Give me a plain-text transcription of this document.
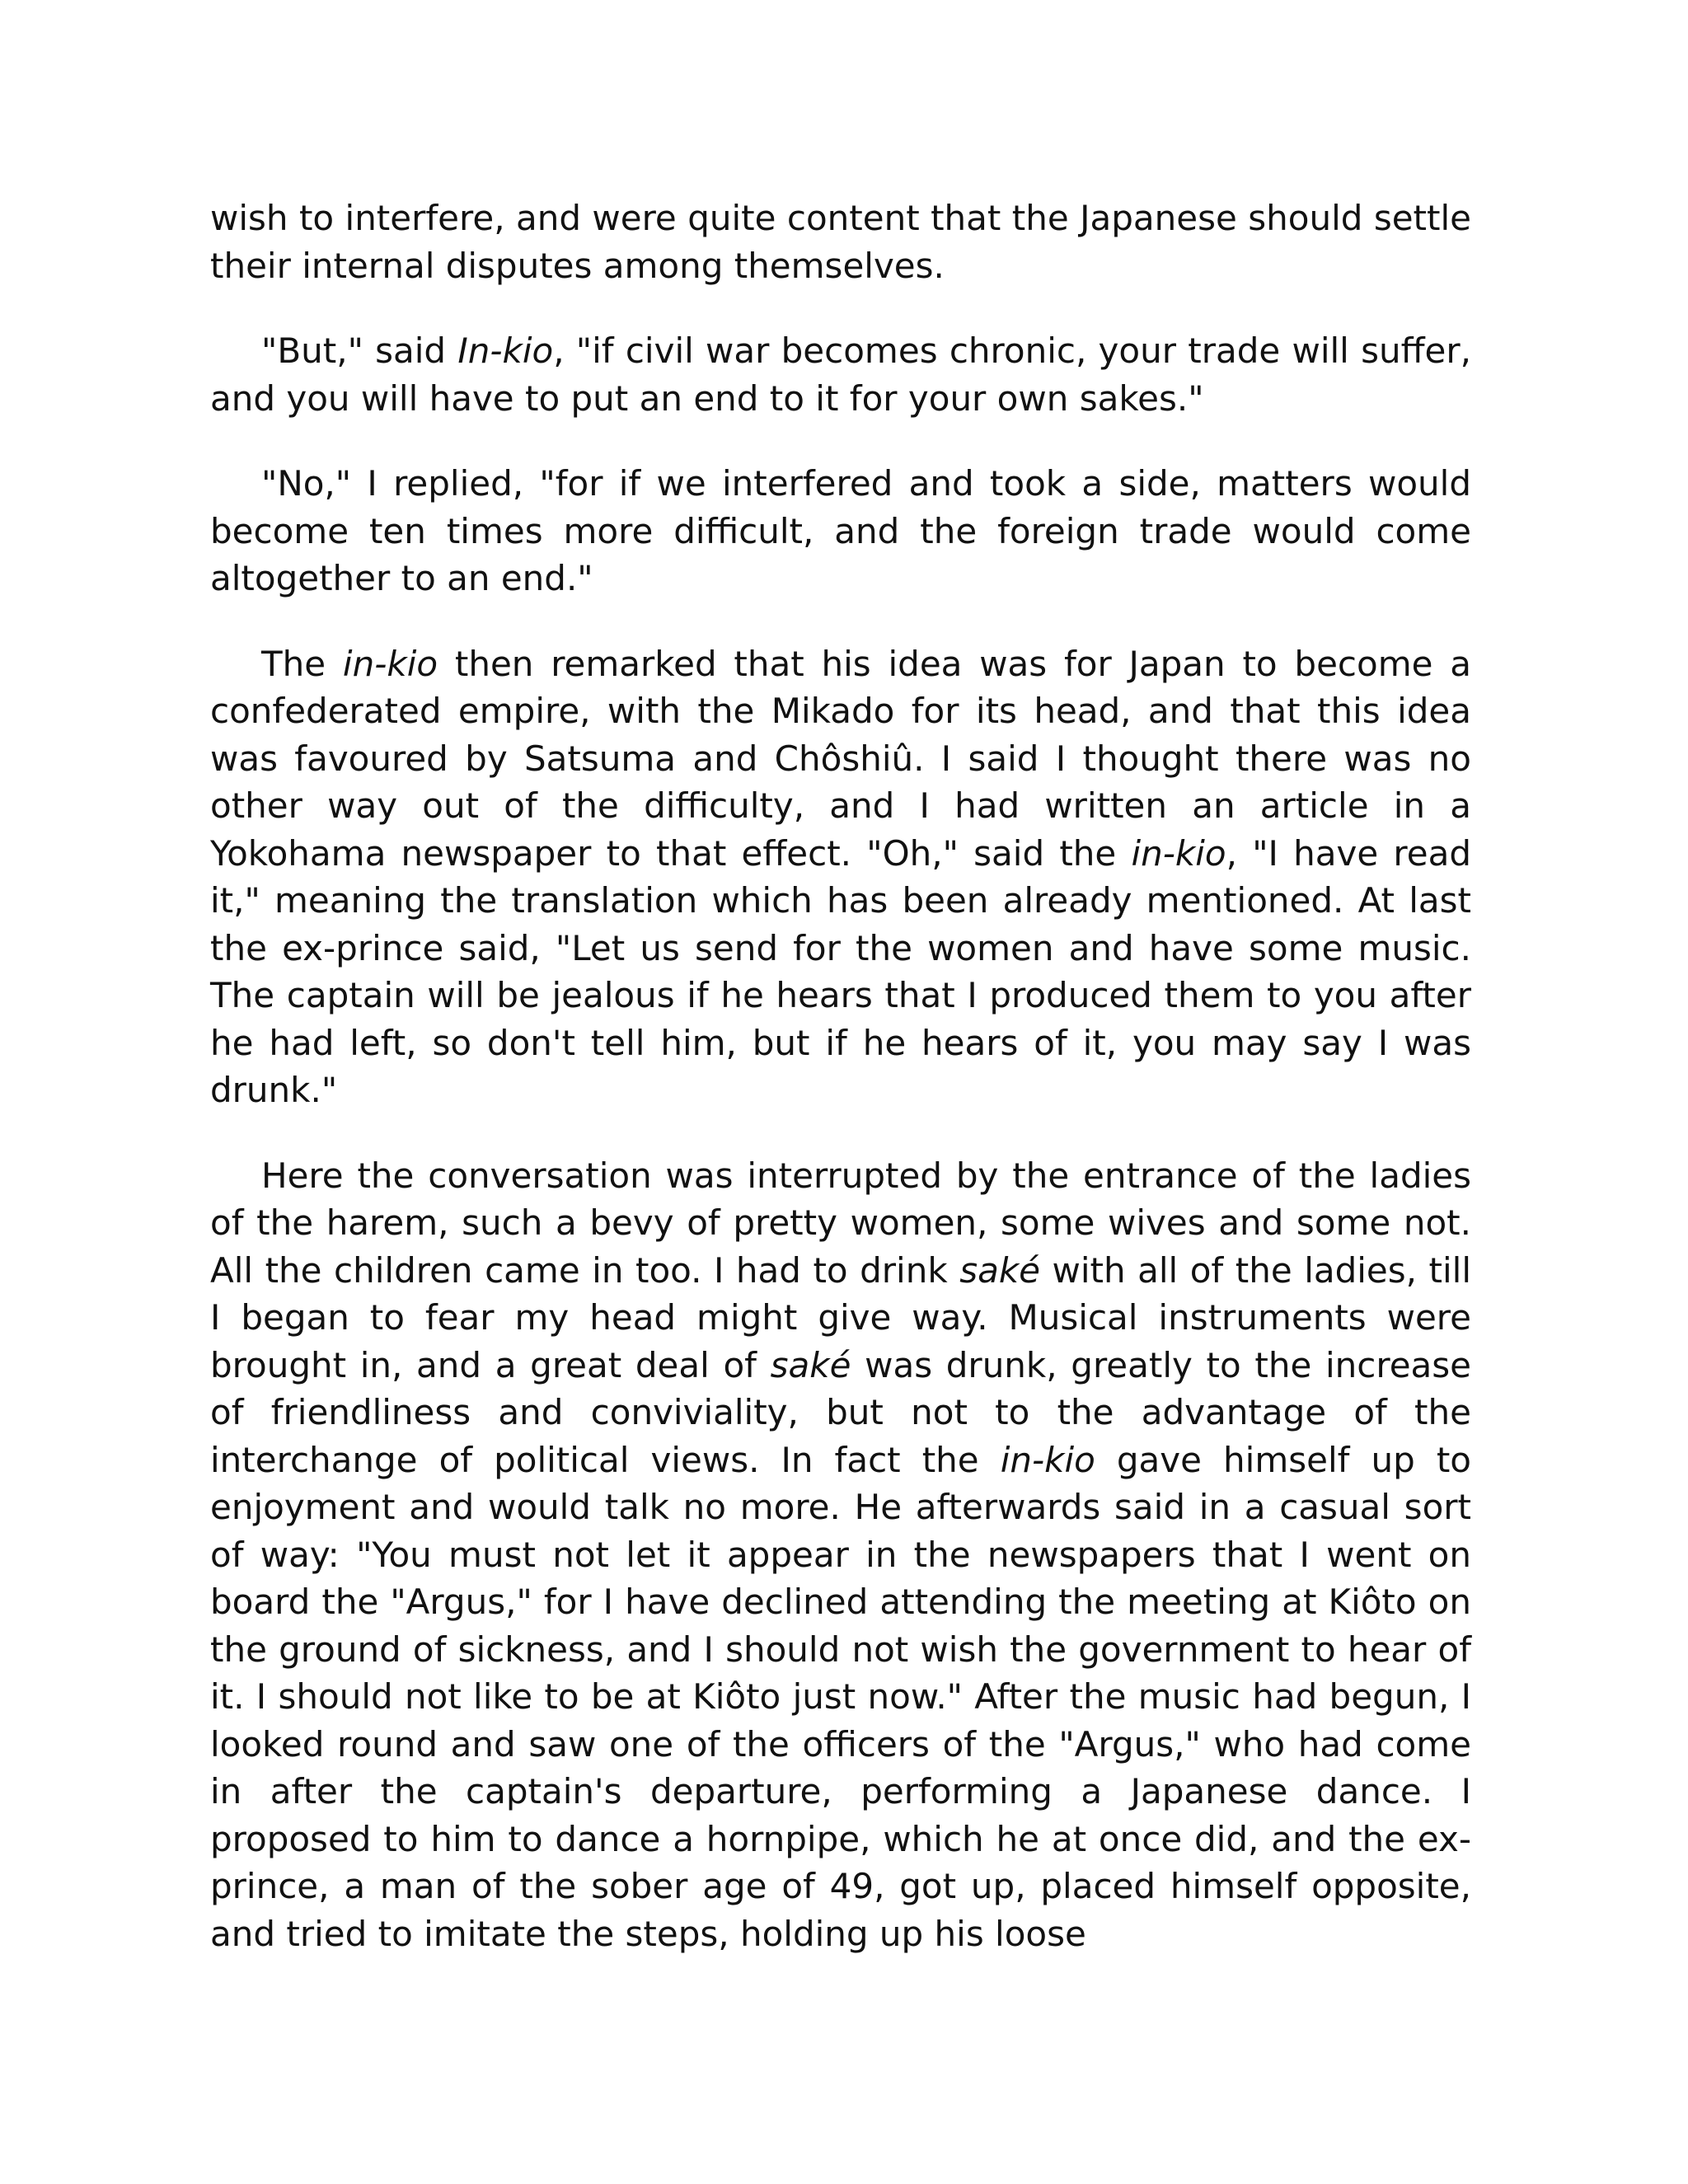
wish to interfere, and were quite content that the Japanese should settle their internal disputes among themselves.

"But," said In-kio, "if civil war becomes chronic, your trade will suffer, and you will have to put an end to it for your own sakes."

"No," I replied, "for if we interfered and took a side, matters would become ten times more difficult, and the foreign trade would come altogether to an end."

The in-kio then remarked that his idea was for Japan to become a confederated empire, with the Mikado for its head, and that this idea was favoured by Satsuma and Chôshiû. I said I thought there was no other way out of the difficulty, and I had written an article in a Yokohama newspaper to that effect. "Oh," said the in-kio, "I have read it," meaning the translation which has been already mentioned. At last the ex-prince said, "Let us send for the women and have some music. The captain will be jealous if he hears that I produced them to you after he had left, so don't tell him, but if he hears of it, you may say I was drunk."

Here the conversation was interrupted by the entrance of the ladies of the harem, such a bevy of pretty women, some wives and some not. All the children came in too. I had to drink saké with all of the ladies, till I began to fear my head might give way. Musical instruments were brought in, and a great deal of saké was drunk, greatly to the increase of friendliness and conviviality, but not to the advantage of the interchange of political views. In fact the in-kio gave himself up to enjoyment and would talk no more. He afterwards said in a casual sort of way: "You must not let it appear in the newspapers that I went on board the "Argus," for I have declined attending the meeting at Kiôto on the ground of sickness, and I should not wish the government to hear of it. I should not like to be at Kiôto just now." After the music had begun, I looked round and saw one of the officers of the "Argus," who had come in after the captain's departure, performing a Japanese dance. I proposed to him to dance a hornpipe, which he at once did, and the ex-prince, a man of the sober age of 49, got up, placed himself opposite, and tried to imitate the steps, holding up his loose
